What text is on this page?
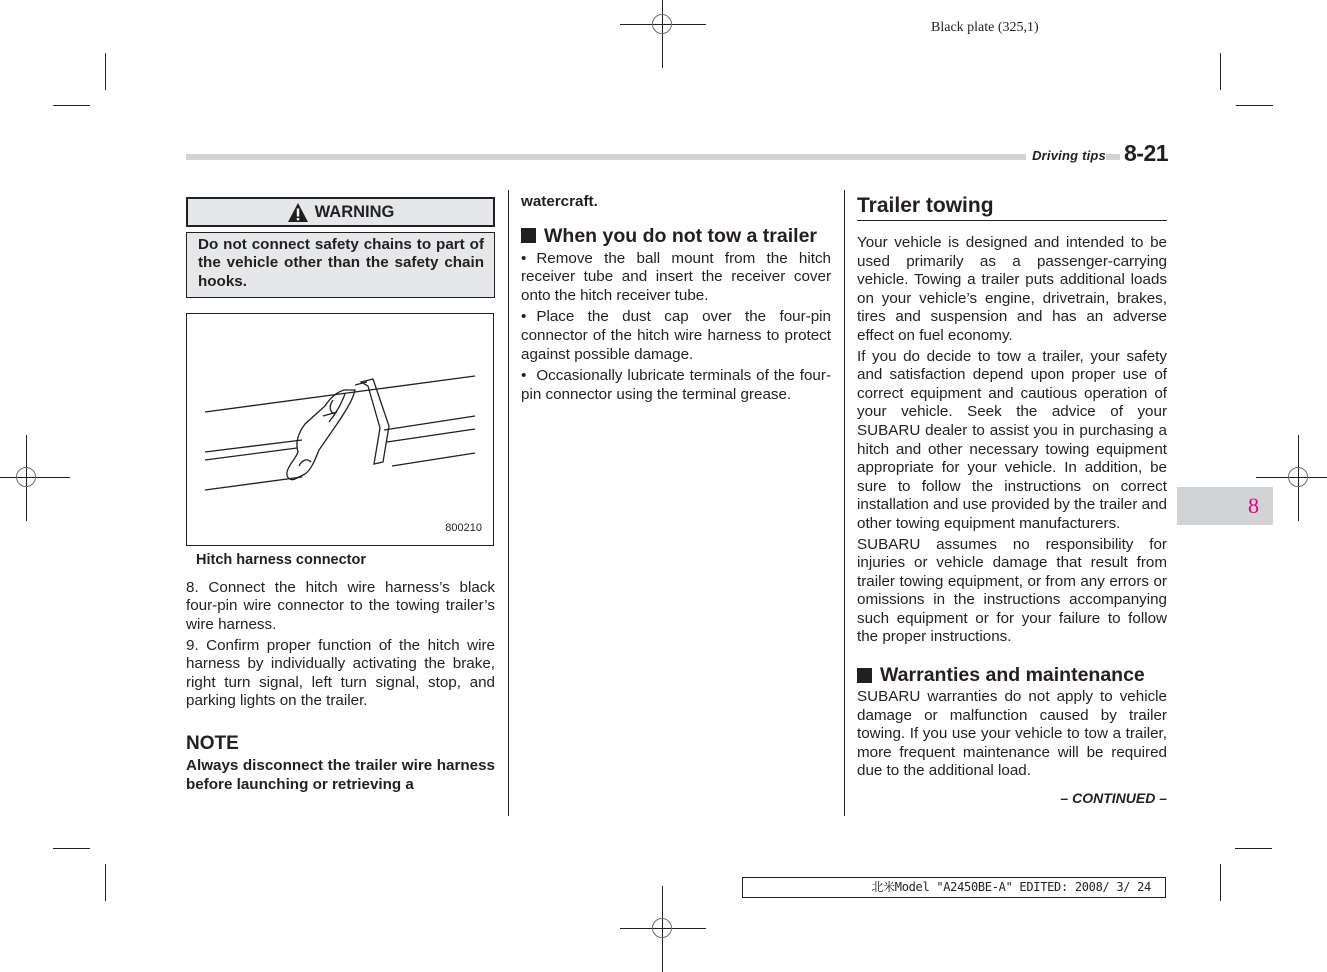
Black plate (325,1)
Driving tips 8-21
WARNING
Do not connect safety chains to part of the vehicle other than the safety chain hooks.
800210
Hitch harness connector

8. Connect the hitch wire harness’s black four-pin wire connector to the towing trailer’s wire harness.

9. Confirm proper function of the hitch wire harness by individually activating the brake, right turn signal, left turn signal, stop, and parking lights on the trailer.

NOTE
Always disconnect the trailer wire harness before launching or retrieving a

watercraft.

When you do not tow a trailer

• Remove the ball mount from the hitch receiver tube and insert the receiver cover onto the hitch receiver tube.

• Place the dust cap over the four-pin connector of the hitch wire harness to protect against possible damage.

• Occasionally lubricate terminals of the four-pin connector using the terminal grease.

Trailer towing

Your vehicle is designed and intended to be used primarily as a passenger-carrying vehicle. Towing a trailer puts additional loads on your vehicle’s engine, drivetrain, brakes, tires and suspension and has an adverse effect on fuel economy.

If you do decide to tow a trailer, your safety and satisfaction depend upon proper use of correct equipment and cautious operation of your vehicle. Seek the advice of your SUBARU dealer to assist you in purchasing a hitch and other necessary towing equipment appropriate for your vehicle. In addition, be sure to follow the instructions on correct installation and use provided by the trailer and other towing equipment manufacturers.

SUBARU assumes no responsibility for injuries or vehicle damage that result from trailer towing equipment, or from any errors or omissions in the instructions accompanying such equipment or for your failure to follow the proper instructions.

Warranties and maintenance

SUBARU warranties do not apply to vehicle damage or malfunction caused by trailer towing. If you use your vehicle to tow a trailer, more frequent maintenance will be required due to the additional load.

– CONTINUED –
8
北米Model "A2450BE-A" EDITED: 2008/ 3/ 24
